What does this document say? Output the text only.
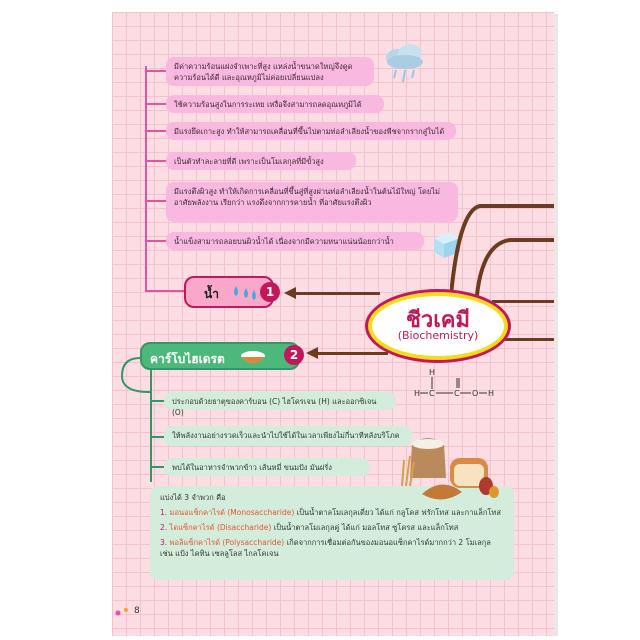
มีค่าความร้อนแฝงจำเพาะที่สูง แหล่งน้ำขนาดใหญ่จึงดูดความร้อนได้ดี และอุณหภูมิไม่ค่อยเปลี่ยนแปลง
ใช้ความร้อนสูงในการระเหย เหงื่อจึงสามารถลดอุณหภูมิได้
มีแรงยึดเกาะสูง ทำให้สามารถเคลื่อนที่ขึ้นไปตามท่อลำเลียงน้ำของพืชจากรากสู่ใบได้
เป็นตัวทำละลายที่ดี เพราะเป็นโมเลกุลที่มีขั้วสูง
มีแรงตึงผิวสูง ทำให้เกิดการเคลื่อนที่ขึ้นสู่ที่สูงผ่านท่อลำเลียงน้ำในต้นไม้ใหญ่ โดยไม่อาศัยพลังงาน เรียกว่า แรงดึงจากการคายน้ำ ที่อาศัยแรงตึงผิว
น้ำแข็งสามารถลอยบนผิวน้ำได้ เนื่องจากมีความหนาแน่นน้อยกว่าน้ำ
น้ำ	1
ชีวเคมี
(Biochemistry)
คาร์โบไฮเดรต	2
ประกอบด้วยธาตุของคาร์บอน (C) ไฮโดรเจน (H) และออกซิเจน (O)
ให้พลังงานอย่างรวดเร็วและนำไปใช้ได้ในเวลาเพียงไม่กี่นาทีหลังบริโภค
พบได้ในอาหารจำพวกข้าว เส้นหมี่ ขนมปัง มันฝรั่ง
แบ่งได้ 3 จำพวก คือ
1. มอนอแซ็กคาไรด์ (Monosaccharide) เป็นน้ำตาลโมเลกุลเดี่ยว ได้แก่ กลูโคส ฟรักโทส และกาแล็กโทส
2. ไดแซ็กคาไรด์ (Disaccharide) เป็นน้ำตาลโมเลกุลคู่ ได้แก่ มอลโทส ซูโครส และแล็กโทส
3. พอลิแซ็กคาไรด์ (Polysaccharide) เกิดจากการเชื่อมต่อกันของมอนอแซ็กคาไรด์มากกว่า 2 โมเลกุล เช่น แป้ง ไคทิน เซลลูโลส ไกลโคเจน
H
H C C O H
8
